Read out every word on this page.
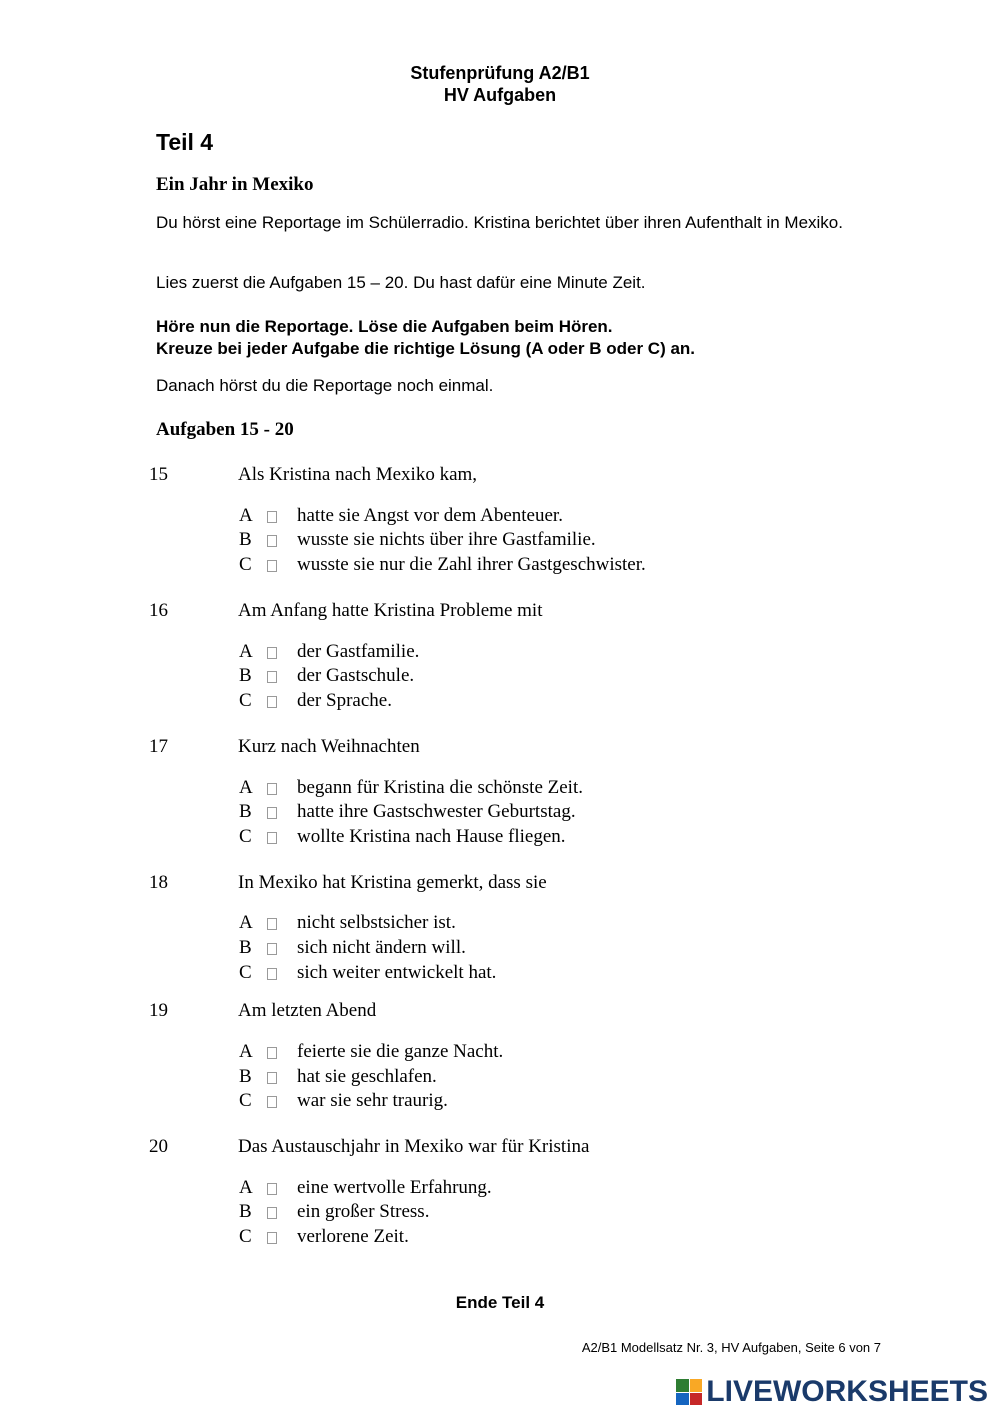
Stufenprüfung A2/B1
HV Aufgaben
Teil 4
Ein Jahr in Mexiko
Du hörst eine Reportage im Schülerradio. Kristina berichtet über ihren Aufenthalt in Mexiko.
Lies zuerst die Aufgaben 15 – 20. Du hast dafür eine Minute Zeit.
Höre nun die Reportage. Löse die Aufgaben beim Hören.
Kreuze bei jeder Aufgabe die richtige Lösung (A oder B oder C) an.
Danach hörst du die Reportage noch einmal.
Aufgaben 15 - 20
15	Als Kristina nach Mexiko kam,
A	hatte sie Angst vor dem Abenteuer.
B	wusste sie nichts über ihre Gastfamilie.
C	wusste sie nur die Zahl ihrer Gastgeschwister.
16	Am Anfang hatte Kristina Probleme mit
A	der Gastfamilie.
B	der Gastschule.
C	der Sprache.
17	Kurz nach Weihnachten
A	begann für Kristina die schönste Zeit.
B	hatte ihre Gastschwester Geburtstag.
C	wollte Kristina nach Hause fliegen.
18	In Mexiko hat Kristina gemerkt, dass sie
A	nicht selbstsicher ist.
B	sich nicht ändern will.
C	sich weiter entwickelt hat.
19	Am letzten Abend
A	feierte sie die ganze Nacht.
B	hat sie geschlafen.
C	war sie sehr traurig.
20	Das Austauschjahr in Mexiko war für Kristina
A	eine wertvolle Erfahrung.
B	ein großer Stress.
C	verlorene Zeit.
Ende Teil 4
A2/B1 Modellsatz Nr. 3, HV Aufgaben, Seite 6 von 7
LIVEWORKSHEETS
